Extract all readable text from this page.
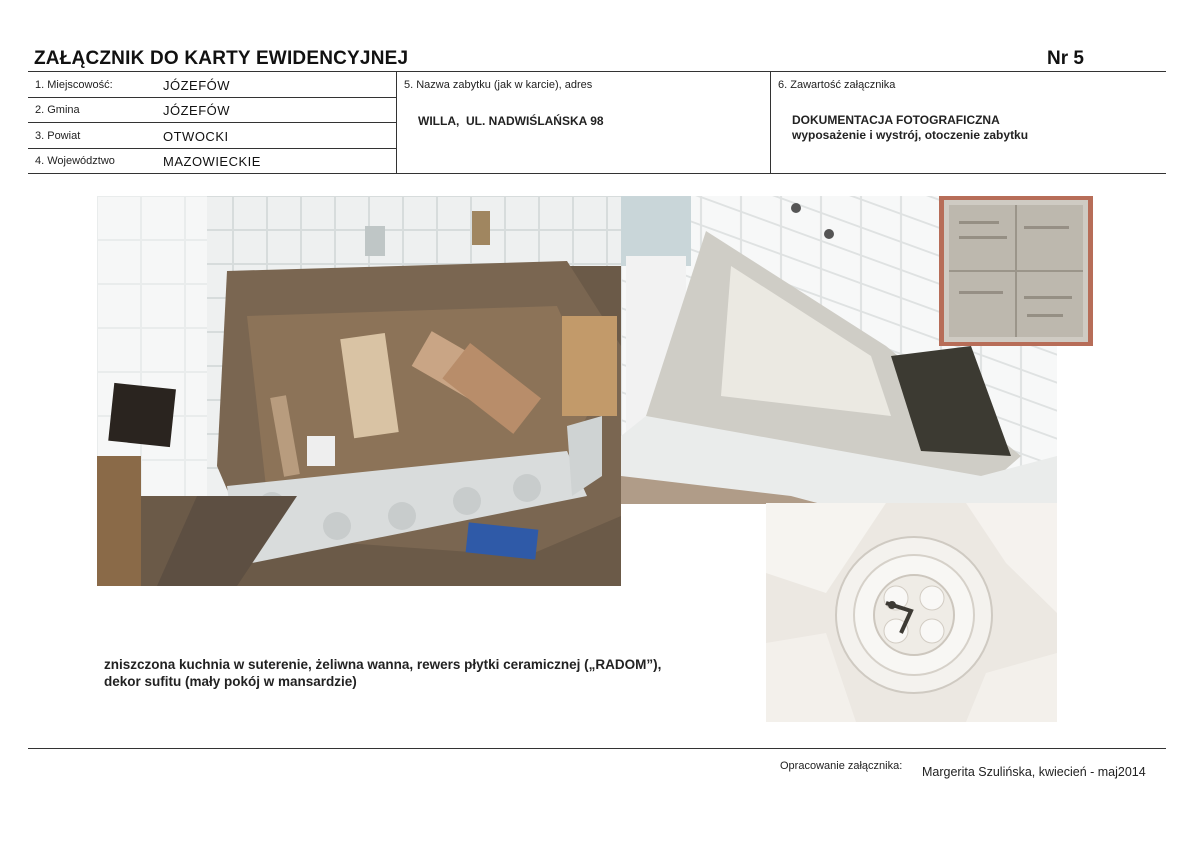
ZAŁĄCZNIK DO KARTY EWIDENCYJNEJ	Nr 5
1. Miejscowość:	JÓZEFÓW
2. Gmina	JÓZEFÓW
3. Powiat	OTWOCKI
4. Województwo	MAZOWIECKIE
5. Nazwa zabytku (jak w karcie), adres
WILLA,  UL. NADWIŚLAŃSKA 98
6. Zawartość załącznika
DOKUMENTACJA FOTOGRAFICZNA
wyposażenie i wystrój, otoczenie zabytku
zniszczona kuchnia w suterenie, żeliwna wanna, rewers płytki ceramicznej („RADOM”),
dekor sufitu (mały pokój w mansardzie)
Opracowanie załącznika: Margerita Szulińska, kwiecień - maj2014
